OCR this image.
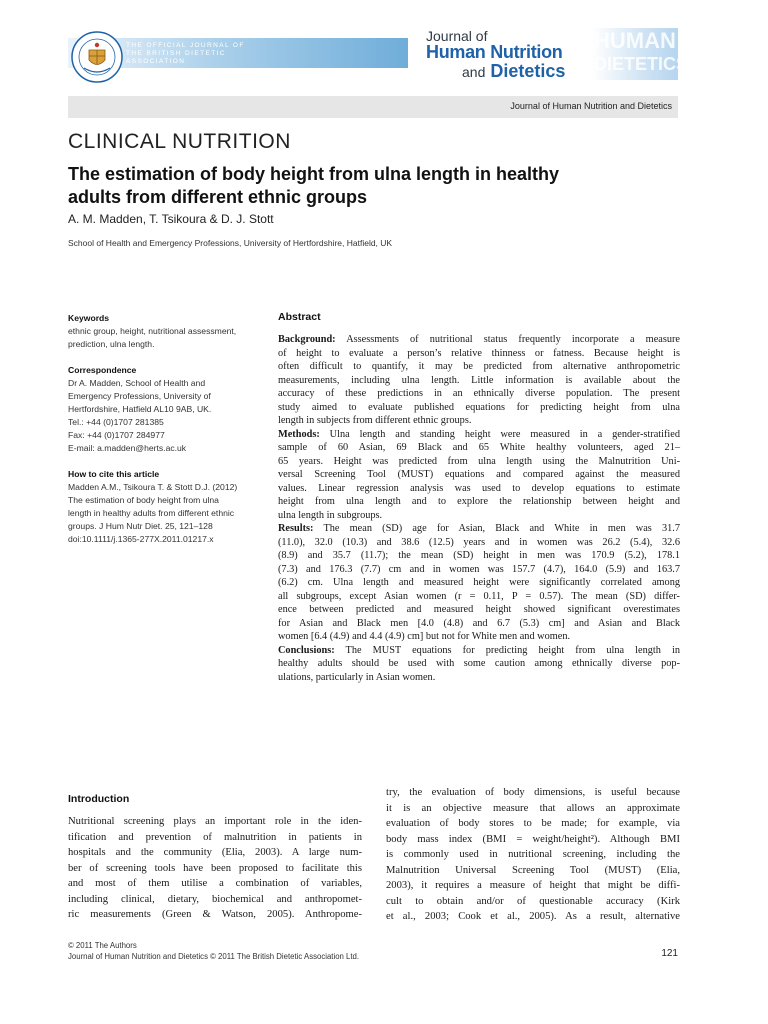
THE OFFICIAL JOURNAL OF
THE BRITISH DIETETIC
ASSOCIATION
Journal of
Human Nutrition
and Dietetics
HUMAN
DIETETICS
Journal of Human Nutrition and Dietetics
CLINICAL NUTRITION
The estimation of body height from ulna length in healthy
adults from different ethnic groups
A. M. Madden, T. Tsikoura & D. J. Stott
School of Health and Emergency Professions, University of Hertfordshire, Hatfield, UK
Keywords
ethnic group, height, nutritional assessment,
prediction, ulna length.
Correspondence
Dr A. Madden, School of Health and
Emergency Professions, University of
Hertfordshire, Hatfield AL10 9AB, UK.
Tel.: +44 (0)1707 281385
Fax: +44 (0)1707 284977
E-mail: a.madden@herts.ac.uk
How to cite this article
Madden A.M., Tsikoura T. & Stott D.J. (2012)
The estimation of body height from ulna
length in healthy adults from different ethnic
groups. J Hum Nutr Diet. 25, 121–128
doi:10.1111/j.1365-277X.2011.01217.x
Abstract
Background: Assessments of nutritional status frequently incorporate a measure
of height to evaluate a person’s relative thinness or fatness. Because height is
often difficult to quantify, it may be predicted from alternative anthropometric
measurements, including ulna length. Little information is available about the
accuracy of these predictions in an ethnically diverse population. The present
study aimed to evaluate published equations for predicting height from ulna
length in subjects from different ethnic groups.
Methods: Ulna length and standing height were measured in a gender-stratified
sample of 60 Asian, 69 Black and 65 White healthy volunteers, aged 21–
65 years. Height was predicted from ulna length using the Malnutrition Uni-
versal Screening Tool (MUST) equations and compared against the measured
values. Linear regression analysis was used to develop equations to estimate
height from ulna length and to explore the relationship between height and
ulna length in subgroups.
Results: The mean (SD) age for Asian, Black and White in men was 31.7
(11.0), 32.0 (10.3) and 38.6 (12.5) years and in women was 26.2 (5.4), 32.6
(8.9) and 35.7 (11.7); the mean (SD) height in men was 170.9 (5.2), 178.1
(7.3) and 176.3 (7.7) cm and in women was 157.7 (4.7), 164.0 (5.9) and 163.7
(6.2) cm. Ulna length and measured height were significantly correlated among
all subgroups, except Asian women (r = 0.11, P = 0.57). The mean (SD) differ-
ence between predicted and measured height showed significant overestimates
for Asian and Black men [4.0 (4.8) and 6.7 (5.3) cm] and Asian and Black
women [6.4 (4.9) and 4.4 (4.9) cm] but not for White men and women.
Conclusions: The MUST equations for predicting height from ulna length in
healthy adults should be used with some caution among ethnically diverse pop-
ulations, particularly in Asian women.
Introduction
Nutritional screening plays an important role in the iden-
tification and prevention of malnutrition in patients in
hospitals and the community (Elia, 2003). A large num-
ber of screening tools have been proposed to facilitate this
and most of them utilise a combination of variables,
including clinical, dietary, biochemical and anthropomet-
ric measurements (Green & Watson, 2005). Anthropome-
try, the evaluation of body dimensions, is useful because
it is an objective measure that allows an approximate
evaluation of body stores to be made; for example, via
body mass index (BMI = weight/height²). Although BMI
is commonly used in nutritional screening, including the
Malnutrition Universal Screening Tool (MUST) (Elia,
2003), it requires a measure of height that might be diffi-
cult to obtain and/or of questionable accuracy (Kirk
et al., 2003; Cook et al., 2005). As a result, alternative
© 2011 The Authors
Journal of Human Nutrition and Dietetics © 2011 The British Dietetic Association Ltd.	121
